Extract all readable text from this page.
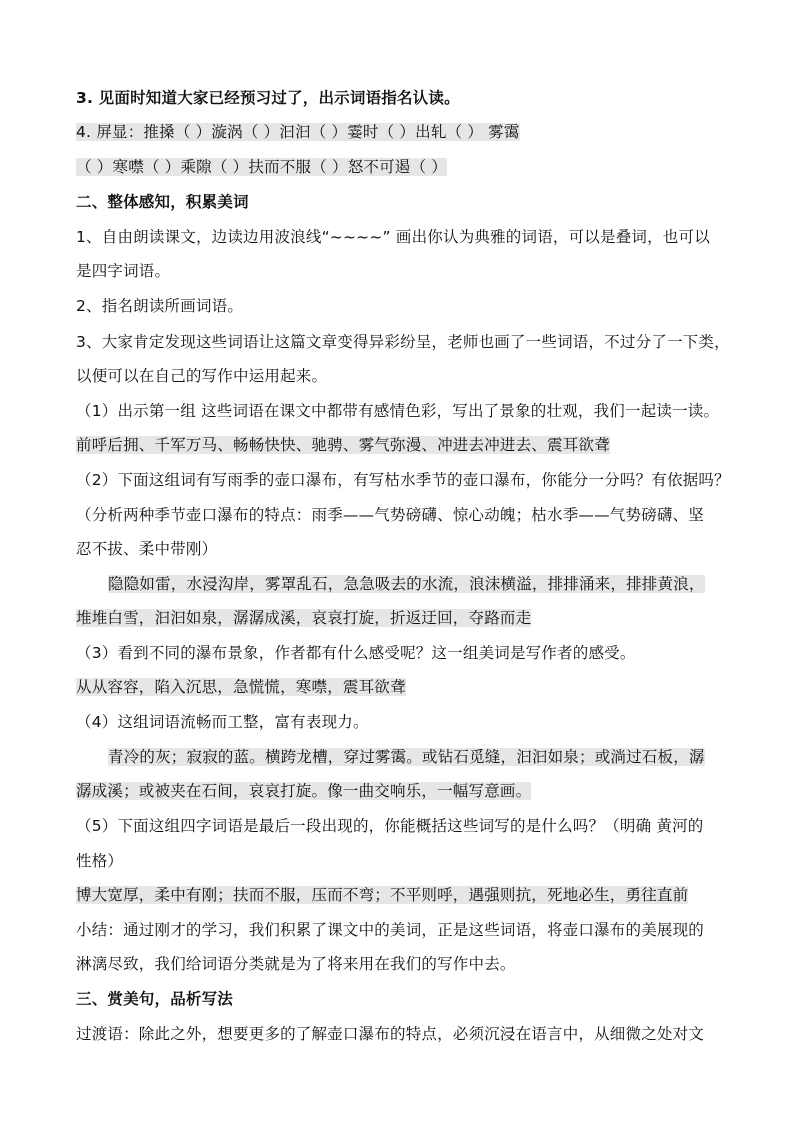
3. 见面时知道大家已经预习过了，出示词语指名认读。
4. 屏显：推搡（ ）漩涡（ ）汩汩（ ）霎时（ ）出轧（ ） 雾霭
（ ）寒噤（ ）乘隙（ ）扶而不服（ ）怒不可遏（ ）
二、整体感知，积累美词
1、自由朗读课文，边读边用波浪线“~~~~” 画出你认为典雅的词语，可以是叠词，也可以
是四字词语。
2、指名朗读所画词语。
3、大家肯定发现这些词语让这篇文章变得异彩纷呈，老师也画了一些词语，不过分了一下类，
以便可以在自己的写作中运用起来。
（1）出示第一组 这些词语在课文中都带有感情色彩，写出了景象的壮观，我们一起读一读。
前呼后拥、千军万马、畅畅快快、驰骋、雾气弥漫、冲进去冲进去、震耳欲聋
（2）下面这组词有写雨季的壶口瀑布，有写枯水季节的壶口瀑布，你能分一分吗？有依据吗？
（分析两种季节壶口瀑布的特点：雨季——气势磅礴、惊心动魄；枯水季——气势磅礴、坚
忍不拔、柔中带刚）
隐隐如雷，水浸沟岸，雾罩乱石，急急吸去的水流，浪沫横溢，排排涌来，排排黄浪，
堆堆白雪，汩汩如泉，潺潺成溪，哀哀打旋，折返迂回，夺路而走
（3）看到不同的瀑布景象，作者都有什么感受呢？这一组美词是写作者的感受。
从从容容，陷入沉思，急慌慌，寒噤，震耳欲聋
（4）这组词语流畅而工整，富有表现力。
青冷的灰；寂寂的蓝。横跨龙槽，穿过雾霭。或钻石觅缝，汩汩如泉；或淌过石板，潺
潺成溪；或被夹在石间，哀哀打旋。像一曲交响乐，一幅写意画。
（5）下面这组四字词语是最后一段出现的，你能概括这些词写的是什么吗？（明确 黄河的
性格）
博大宽厚，柔中有刚；扶而不服，压而不弯；不平则呼，遇强则抗，死地必生，勇往直前
小结：通过刚才的学习，我们积累了课文中的美词，正是这些词语，将壶口瀑布的美展现的
淋漓尽致，我们给词语分类就是为了将来用在我们的写作中去。
三、赏美句，品析写法
过渡语：除此之外，想要更多的了解壶口瀑布的特点，必须沉浸在语言中，从细微之处对文
